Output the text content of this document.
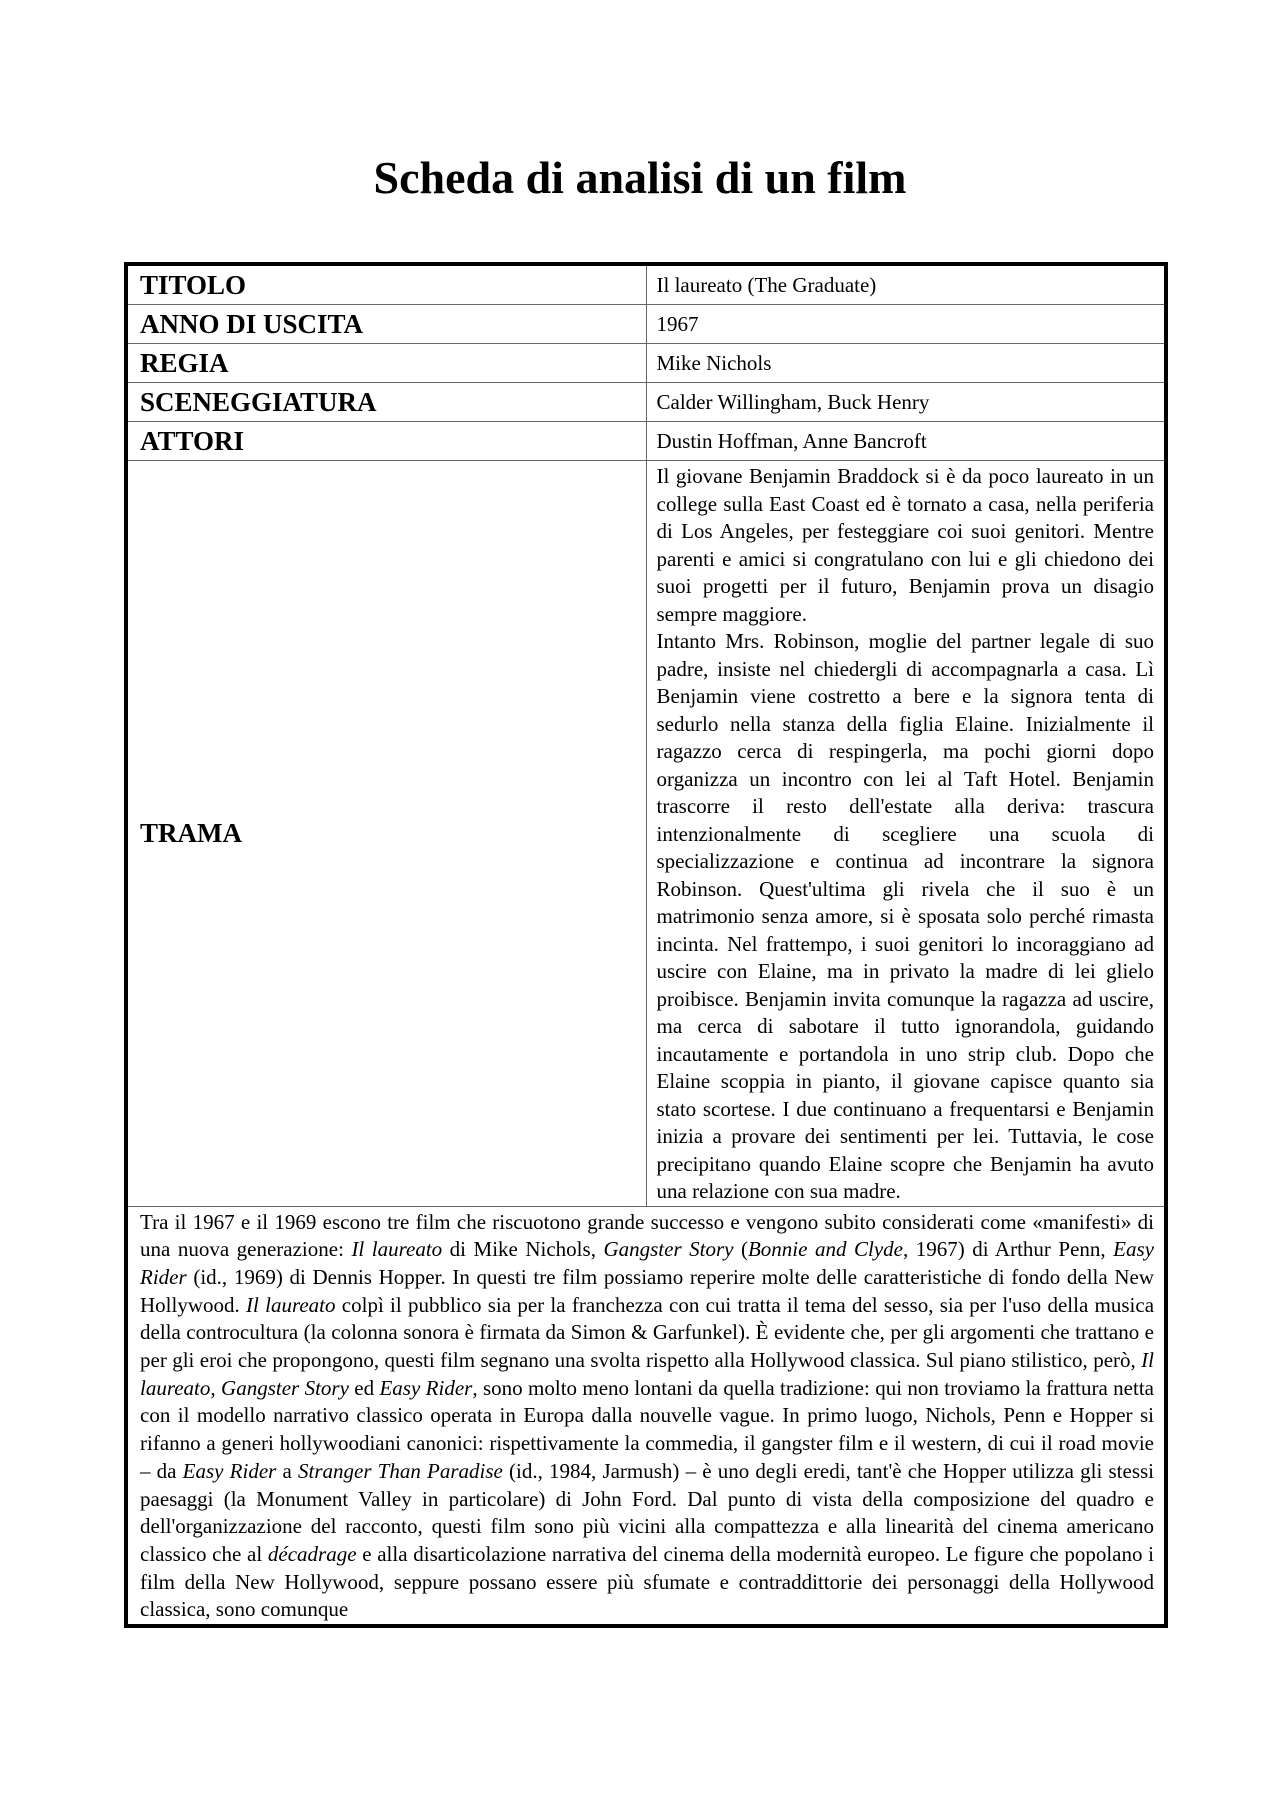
Scheda di analisi di un film
TITOLO	Il laureato (The Graduate)

ANNO DI USCITA	1967

REGIA	Mike Nichols

SCENEGGIATURA	Calder Willingham, Buck Henry

ATTORI	Dustin Hoffman, Anne Bancroft

TRAMA	Il giovane Benjamin Braddock si è da poco laureato in un college sulla East Coast ed è tornato a casa, nella periferia di Los Angeles, per festeggiare coi suoi genitori. Mentre parenti e amici si congratulano con lui e gli chiedono dei suoi progetti per il futuro, Benjamin prova un disagio sempre maggiore.

Intanto Mrs. Robinson, moglie del partner legale di suo padre, insiste nel chiedergli di accompagnarla a casa. Lì Benjamin viene costretto a bere e la signora tenta di sedurlo nella stanza della figlia Elaine. Inizialmente il ragazzo cerca di respingerla, ma pochi giorni dopo organizza un incontro con lei al Taft Hotel. Benjamin trascorre il resto dell'estate alla deriva: trascura intenzionalmente di scegliere una scuola di specializzazione e continua ad incontrare la signora Robinson. Quest'ultima gli rivela che il suo è un matrimonio senza amore, si è sposata solo perché rimasta incinta. Nel frattempo, i suoi genitori lo incoraggiano ad uscire con Elaine, ma in privato la madre di lei glielo proibisce. Benjamin invita comunque la ragazza ad uscire, ma cerca di sabotare il tutto ignorandola, guidando incautamente e portandola in uno strip club. Dopo che Elaine scoppia in pianto, il giovane capisce quanto sia stato scortese. I due continuano a frequentarsi e Benjamin inizia a provare dei sentimenti per lei. Tuttavia, le cose precipitano quando Elaine scopre che Benjamin ha avuto una relazione con sua madre.

Tra il 1967 e il 1969 escono tre film che riscuotono grande successo e vengono subito considerati come «manifesti» di una nuova generazione: Il laureato di Mike Nichols, Gangster Story (Bonnie and Clyde, 1967) di Arthur Penn, Easy Rider (id., 1969) di Dennis Hopper. In questi tre film possiamo reperire molte delle caratteristiche di fondo della New Hollywood. Il laureato colpì il pubblico sia per la franchezza con cui tratta il tema del sesso, sia per l'uso della musica della controcultura (la colonna sonora è firmata da Simon & Garfunkel). È evidente che, per gli argomenti che trattano e per gli eroi che propongono, questi film segnano una svolta rispetto alla Hollywood classica. Sul piano stilistico, però, Il laureato, Gangster Story ed Easy Rider, sono molto meno lontani da quella tradizione: qui non troviamo la frattura netta con il modello narrativo classico operata in Europa dalla nouvelle vague. In primo luogo, Nichols, Penn e Hopper si rifanno a generi hollywoodiani canonici: rispettivamente la commedia, il gangster film e il western, di cui il road movie – da Easy Rider a Stranger Than Paradise (id., 1984, Jarmush) – è uno degli eredi, tant'è che Hopper utilizza gli stessi paesaggi (la Monument Valley in particolare) di John Ford. Dal punto di vista della composizione del quadro e dell'organizzazione del racconto, questi film sono più vicini alla compattezza e alla linearità del cinema americano classico che al décadrage e alla disarticolazione narrativa del cinema della modernità europeo. Le figure che popolano i film della New Hollywood, seppure possano essere più sfumate e contraddittorie dei personaggi della Hollywood classica, sono comunque	
